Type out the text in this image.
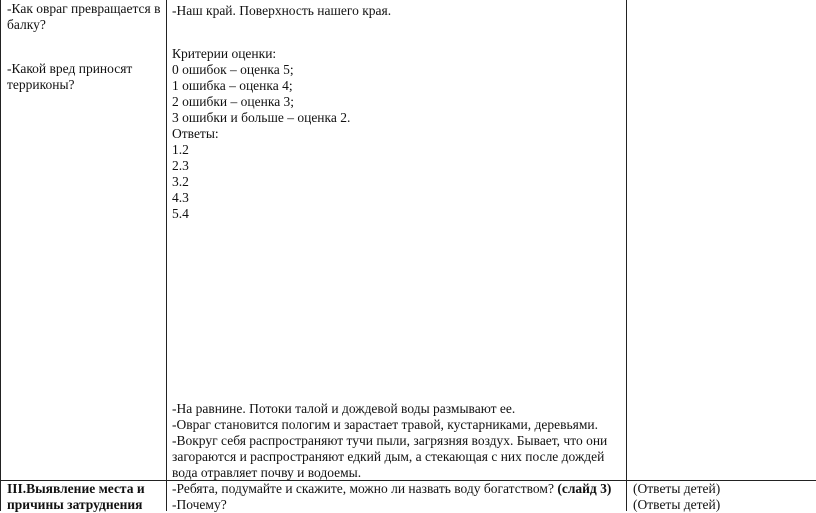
-Как овраг превращается в балку?
-Какой вред приносят терриконы?
-Наш край. Поверхность нашего края.
Критерии оценки:
0 ошибок – оценка 5;
1 ошибка – оценка 4;
2 ошибки – оценка 3;
3 ошибки и больше – оценка 2.
Ответы:
1.2
2.3
3.2
4.3
5.4
-На равнине. Потоки талой и дождевой воды размывают ее.
-Овраг становится пологим и зарастает травой, кустарниками, деревьями.
-Вокруг себя распространяют тучи пыли, загрязняя воздух. Бывает, что они загораются и распространяют едкий дым, а стекающая с них после дождей вода отравляет почву и водоемы.
III.Выявление места и
причины затруднения
-Ребята, подумайте и скажите, можно ли назвать воду богатством? (слайд 3)
-Почему?
(Ответы детей)
(Ответы детей)
